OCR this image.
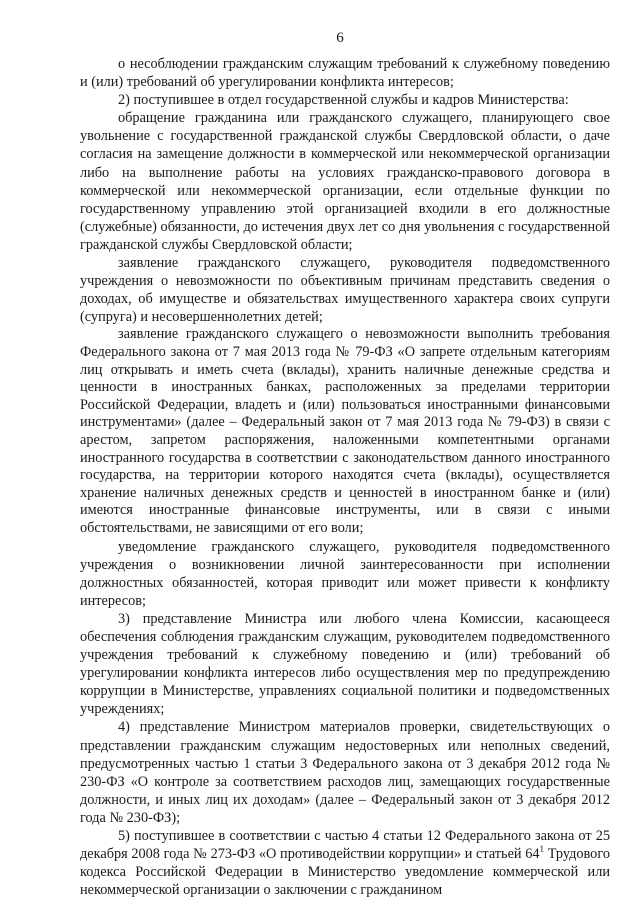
6

о несоблюдении гражданским служащим требований к служебному поведению и (или) требований об урегулировании конфликта интересов;

2) поступившее в отдел государственной службы и кадров Министерства:

обращение гражданина или гражданского служащего, планирующего свое увольнение с государственной гражданской службы Свердловской области, о даче согласия на замещение должности в коммерческой или некоммерческой организации либо на выполнение работы на условиях гражданско-правового договора в коммерческой или некоммерческой организации, если отдельные функции по государственному управлению этой организацией входили в его должностные (служебные) обязанности, до истечения двух лет со дня увольнения с государственной гражданской службы Свердловской области;

заявление гражданского служащего, руководителя подведомственного учреждения о невозможности по объективным причинам представить сведения о доходах, об имуществе и обязательствах имущественного характера своих супруги (супруга) и несовершеннолетних детей;

заявление гражданского служащего о невозможности выполнить требования Федерального закона от 7 мая 2013 года № 79-ФЗ «О запрете отдельным категориям лиц открывать и иметь счета (вклады), хранить наличные денежные средства и ценности в иностранных банках, расположенных за пределами территории Российской Федерации, владеть и (или) пользоваться иностранными финансовыми инструментами» (далее – Федеральный закон от 7 мая 2013 года № 79-ФЗ) в связи с арестом, запретом распоряжения, наложенными компетентными органами иностранного государства в соответствии с законодательством данного иностранного государства, на территории которого находятся счета (вклады), осуществляется хранение наличных денежных средств и ценностей в иностранном банке и (или) имеются иностранные финансовые инструменты, или в связи с иными обстоятельствами, не зависящими от его воли;

уведомление гражданского служащего, руководителя подведомственного учреждения о возникновении личной заинтересованности при исполнении должностных обязанностей, которая приводит или может привести к конфликту интересов;

3) представление Министра или любого члена Комиссии, касающееся обеспечения соблюдения гражданским служащим, руководителем подведомственного учреждения требований к служебному поведению и (или) требований об урегулировании конфликта интересов либо осуществления мер по предупреждению коррупции в Министерстве, управлениях социальной политики и подведомственных учреждениях;

4) представление Министром материалов проверки, свидетельствующих о представлении гражданским служащим недостоверных или неполных сведений, предусмотренных частью 1 статьи 3 Федерального закона от 3 декабря 2012 года № 230-ФЗ «О контроле за соответствием расходов лиц, замещающих государственные должности, и иных лиц их доходам» (далее – Федеральный закон от 3 декабря 2012 года № 230-ФЗ);

5) поступившее в соответствии с частью 4 статьи 12 Федерального закона от 25 декабря 2008 года № 273-ФЗ «О противодействии коррупции» и статьей $64^1$ Трудового кодекса Российской Федерации в Министерство уведомление коммерческой или некоммерческой организации о заключении с гражданином
